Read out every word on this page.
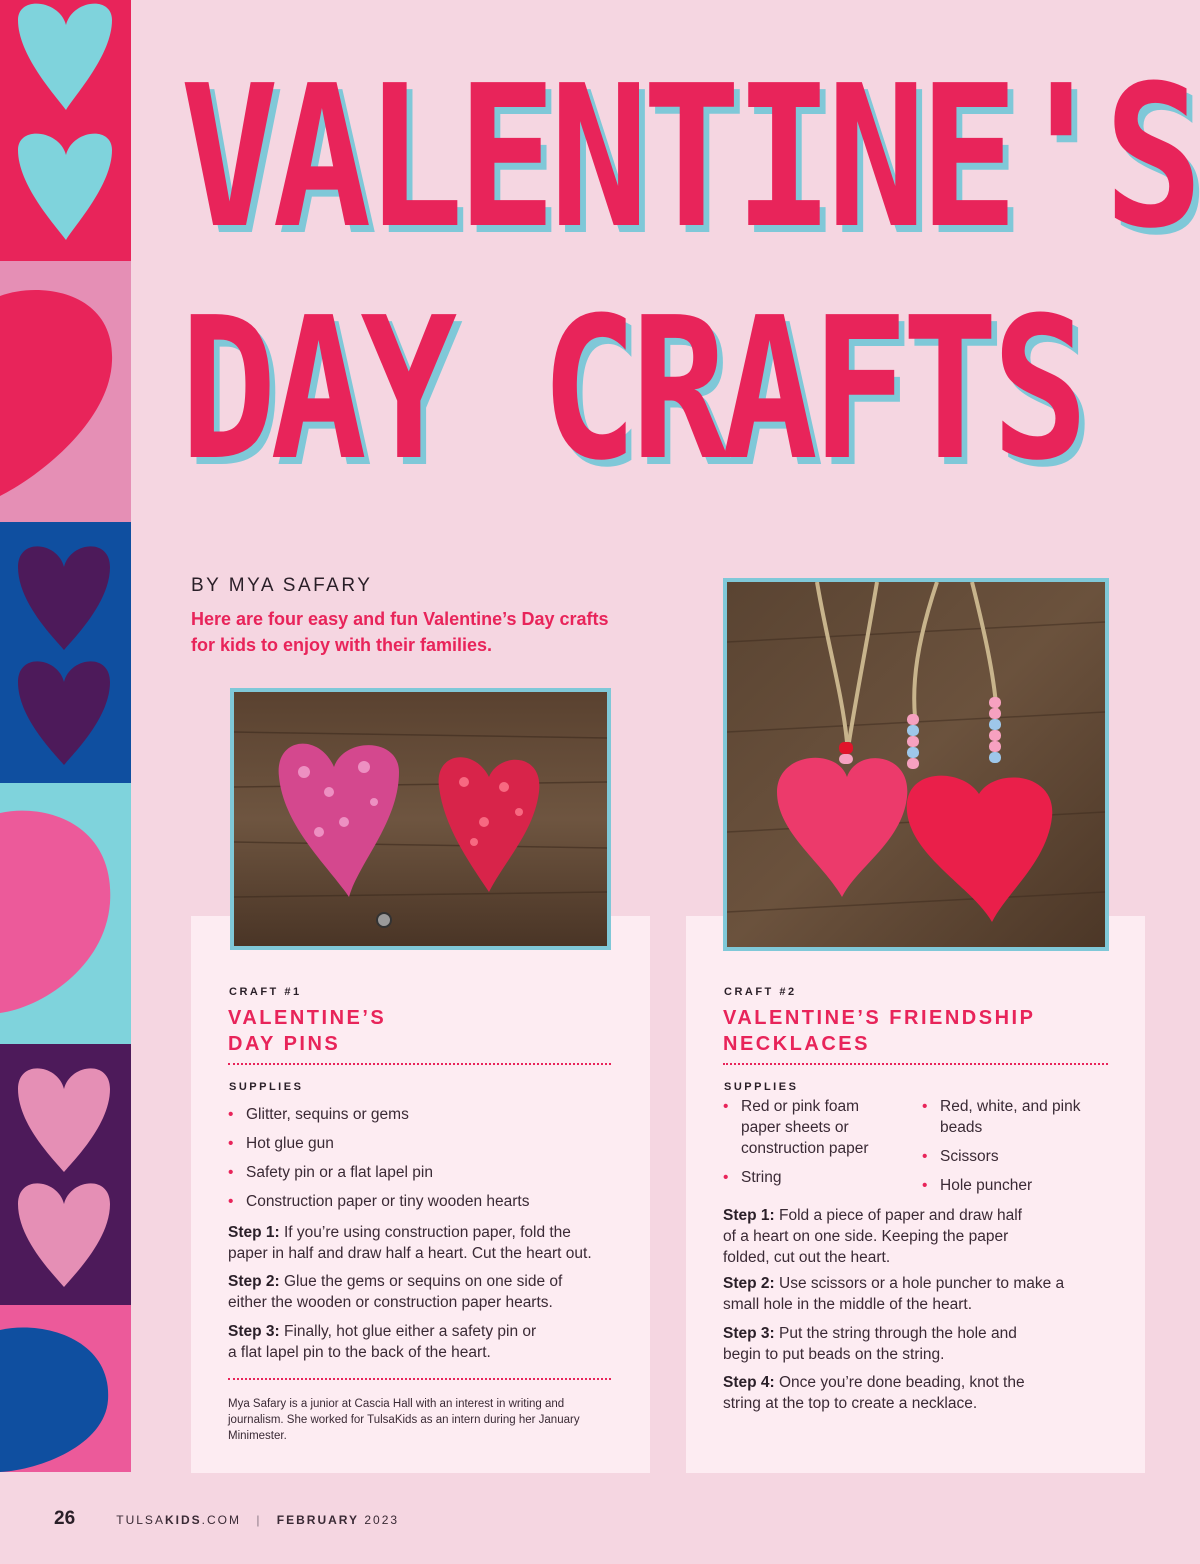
VALENTINE'S
DAY CRAFTS
BY MYA SAFARY
Here are four easy and fun Valentine’s Day crafts for kids to enjoy with their families.
CRAFT #1
VALENTINE’S
DAY PINS
SUPPLIES
• Glitter, sequins or gems
• Hot glue gun
• Safety pin or a flat lapel pin
• Construction paper or tiny wooden hearts
Step 1: If you’re using construction paper, fold the paper in half and draw half a heart. Cut the heart out.
Step 2: Glue the gems or sequins on one side of either the wooden or construction paper hearts.
Step 3: Finally, hot glue either a safety pin or a flat lapel pin to the back of the heart.
Mya Safary is a junior at Cascia Hall with an interest in writing and journalism. She worked for TulsaKids as an intern during her January Minimester.
CRAFT #2
VALENTINE’S FRIENDSHIP
NECKLACES
SUPPLIES
• Red or pink foam paper sheets or construction paper
• String
• Red, white, and pink beads
• Scissors
• Hole puncher
Step 1: Fold a piece of paper and draw half of a heart on one side. Keeping the paper folded, cut out the heart.
Step 2: Use scissors or a hole puncher to make a small hole in the middle of the heart.
Step 3: Put the string through the hole and begin to put beads on the string.
Step 4: Once you’re done beading, knot the string at the top to create a necklace.
26	TULSAKIDS.COM | FEBRUARY 2023
